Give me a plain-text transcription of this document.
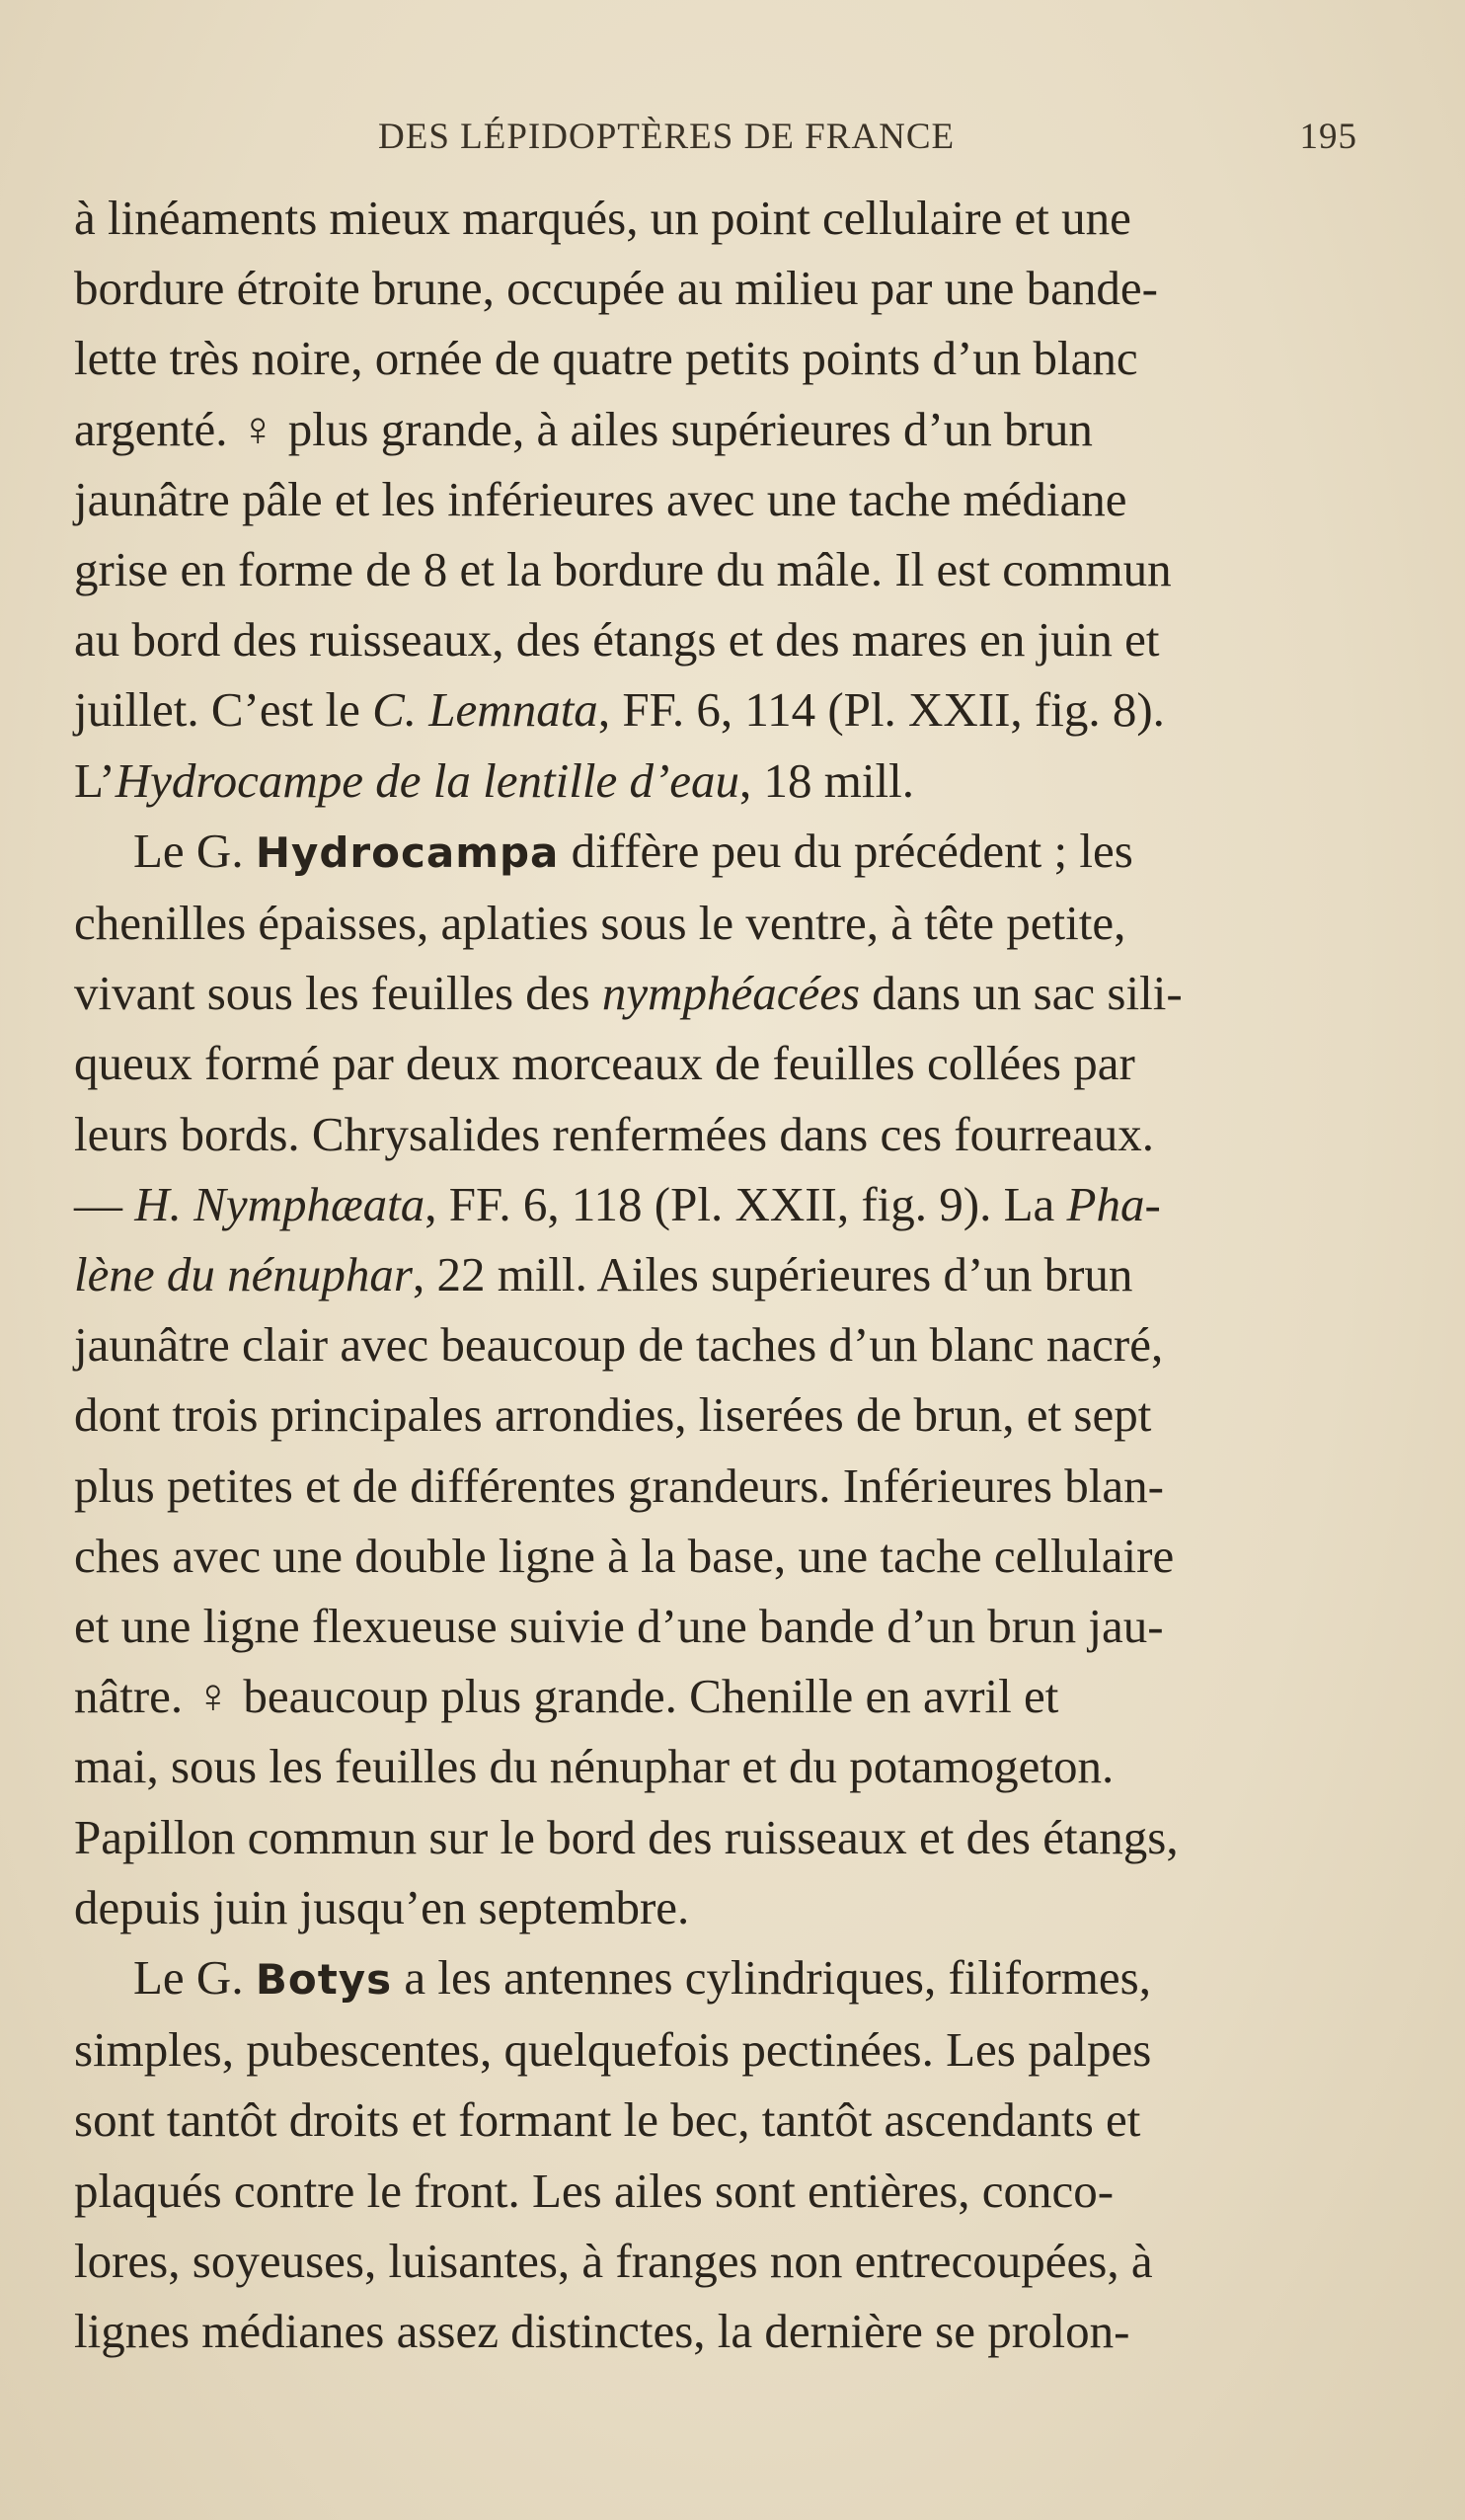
DES LÉPIDOPTÈRES DE FRANCE	195
à linéaments mieux marqués, un point cellulaire et une
bordure étroite brune, occupée au milieu par une bande-
lette très noire, ornée de quatre petits points d’un blanc
argenté. ♀ plus grande, à ailes supérieures d’un brun
jaunâtre pâle et les inférieures avec une tache médiane
grise en forme de 8 et la bordure du mâle. Il est commun
au bord des ruisseaux, des étangs et des mares en juin et
juillet. C’est le C. Lemnata, FF. 6, 114 (Pl. XXII, fig. 8).
L’Hydrocampe de la lentille d’eau, 18 mill.
Le G. Hydrocampa diffère peu du précédent ; les
chenilles épaisses, aplaties sous le ventre, à tête petite,
vivant sous les feuilles des nymphéacées dans un sac sili-
queux formé par deux morceaux de feuilles collées par
leurs bords. Chrysalides renfermées dans ces fourreaux.
— H. Nymphæata, FF. 6, 118 (Pl. XXII, fig. 9). La Pha-
lène du nénuphar, 22 mill. Ailes supérieures d’un brun
jaunâtre clair avec beaucoup de taches d’un blanc nacré,
dont trois principales arrondies, liserées de brun, et sept
plus petites et de différentes grandeurs. Inférieures blan-
ches avec une double ligne à la base, une tache cellulaire
et une ligne flexueuse suivie d’une bande d’un brun jau-
nâtre. ♀ beaucoup plus grande. Chenille en avril et
mai, sous les feuilles du nénuphar et du potamogeton.
Papillon commun sur le bord des ruisseaux et des étangs,
depuis juin jusqu’en septembre.
Le G. Botys a les antennes cylindriques, filiformes,
simples, pubescentes, quelquefois pectinées. Les palpes
sont tantôt droits et formant le bec, tantôt ascendants et
plaqués contre le front. Les ailes sont entières, conco-
lores, soyeuses, luisantes, à franges non entrecoupées, à
lignes médianes assez distinctes, la dernière se prolon-
